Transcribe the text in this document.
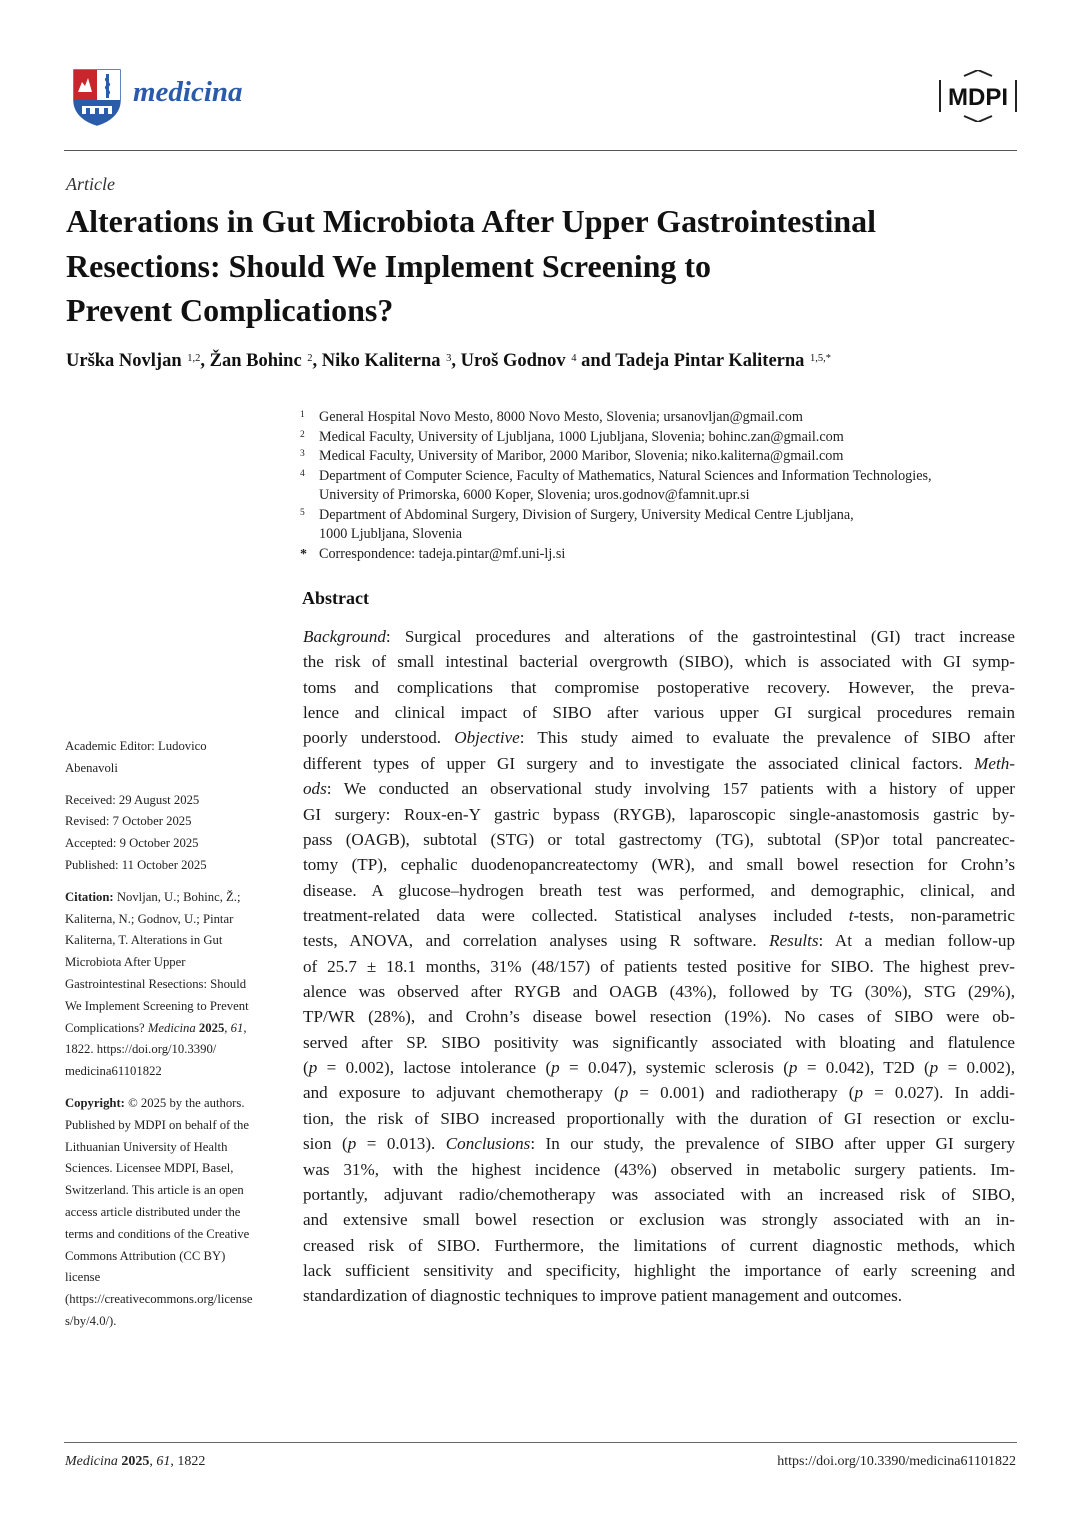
medicina	MDPI
Article
Alterations in Gut Microbiota After Upper Gastrointestinal
Resections: Should We Implement Screening to
Prevent Complications?
Urška Novljan $^{1,2}$, Žan Bohinc $^2$, Niko Kaliterna $^3$, Uroš Godnov $^4$ and Tadeja Pintar Kaliterna $^{1,5,*}$
1	General Hospital Novo Mesto, 8000 Novo Mesto, Slovenia; ursanovljan@gmail.com
2	Medical Faculty, University of Ljubljana, 1000 Ljubljana, Slovenia; bohinc.zan@gmail.com
3	Medical Faculty, University of Maribor, 2000 Maribor, Slovenia; niko.kaliterna@gmail.com
4	Department of Computer Science, Faculty of Mathematics, Natural Sciences and Information Technologies,
University of Primorska, 6000 Koper, Slovenia; uros.godnov@famnit.upr.si
5	Department of Abdominal Surgery, Division of Surgery, University Medical Centre Ljubljana,
1000 Ljubljana, Slovenia
* Correspondence: tadeja.pintar@mf.uni-lj.si
Abstract
Background: Surgical procedures and alterations of the gastrointestinal (GI) tract increase
the risk of small intestinal bacterial overgrowth (SIBO), which is associated with GI symp-
toms and complications that compromise postoperative recovery. However, the preva-
lence and clinical impact of SIBO after various upper GI surgical procedures remain
poorly understood. Objective: This study aimed to evaluate the prevalence of SIBO after
different types of upper GI surgery and to investigate the associated clinical factors. Meth-
ods: We conducted an observational study involving 157 patients with a history of upper
GI surgery: Roux-en-Y gastric bypass (RYGB), laparoscopic single-anastomosis gastric by-
pass (OAGB), subtotal (STG) or total gastrectomy (TG), subtotal (SP)or total pancreatec-
tomy (TP), cephalic duodenopancreatectomy (WR), and small bowel resection for Crohn’s
disease. A glucose–hydrogen breath test was performed, and demographic, clinical, and
treatment-related data were collected. Statistical analyses included t-tests, non-parametric
tests, ANOVA, and correlation analyses using R software. Results: At a median follow-up
of 25.7 ± 18.1 months, 31% (48/157) of patients tested positive for SIBO. The highest prev-
alence was observed after RYGB and OAGB (43%), followed by TG (30%), STG (29%),
TP/WR (28%), and Crohn’s disease bowel resection (19%). No cases of SIBO were ob-
served after SP. SIBO positivity was significantly associated with bloating and flatulence
(p = 0.002), lactose intolerance (p = 0.047), systemic sclerosis (p = 0.042), T2D (p = 0.002),
and exposure to adjuvant chemotherapy (p = 0.001) and radiotherapy (p = 0.027). In addi-
tion, the risk of SIBO increased proportionally with the duration of GI resection or exclu-
sion (p = 0.013). Conclusions: In our study, the prevalence of SIBO after upper GI surgery
was 31%, with the highest incidence (43%) observed in metabolic surgery patients. Im-
portantly, adjuvant radio/chemotherapy was associated with an increased risk of SIBO,
and extensive small bowel resection or exclusion was strongly associated with an in-
creased risk of SIBO. Furthermore, the limitations of current diagnostic methods, which
lack sufficient sensitivity and specificity, highlight the importance of early screening and
standardization of diagnostic techniques to improve patient management and outcomes.
Academic Editor: Ludovico
Abenavoli
Received: 29 August 2025
Revised: 7 October 2025
Accepted: 9 October 2025
Published: 11 October 2025
Citation: Novljan, U.; Bohinc, Ž.;
Kaliterna, N.; Godnov, U.; Pintar
Kaliterna, T. Alterations in Gut
Microbiota After Upper
Gastrointestinal Resections: Should
We Implement Screening to Prevent
Complications? Medicina 2025, 61,
1822. https://doi.org/10.3390/
medicina61101822
Copyright: © 2025 by the authors.
Published by MDPI on behalf of the
Lithuanian University of Health
Sciences. Licensee MDPI, Basel,
Switzerland. This article is an open
access article distributed under the
terms and conditions of the Creative
Commons Attribution (CC BY)
license
(https://creativecommons.org/license
s/by/4.0/).
Medicina 2025, 61, 1822	https://doi.org/10.3390/medicina61101822
